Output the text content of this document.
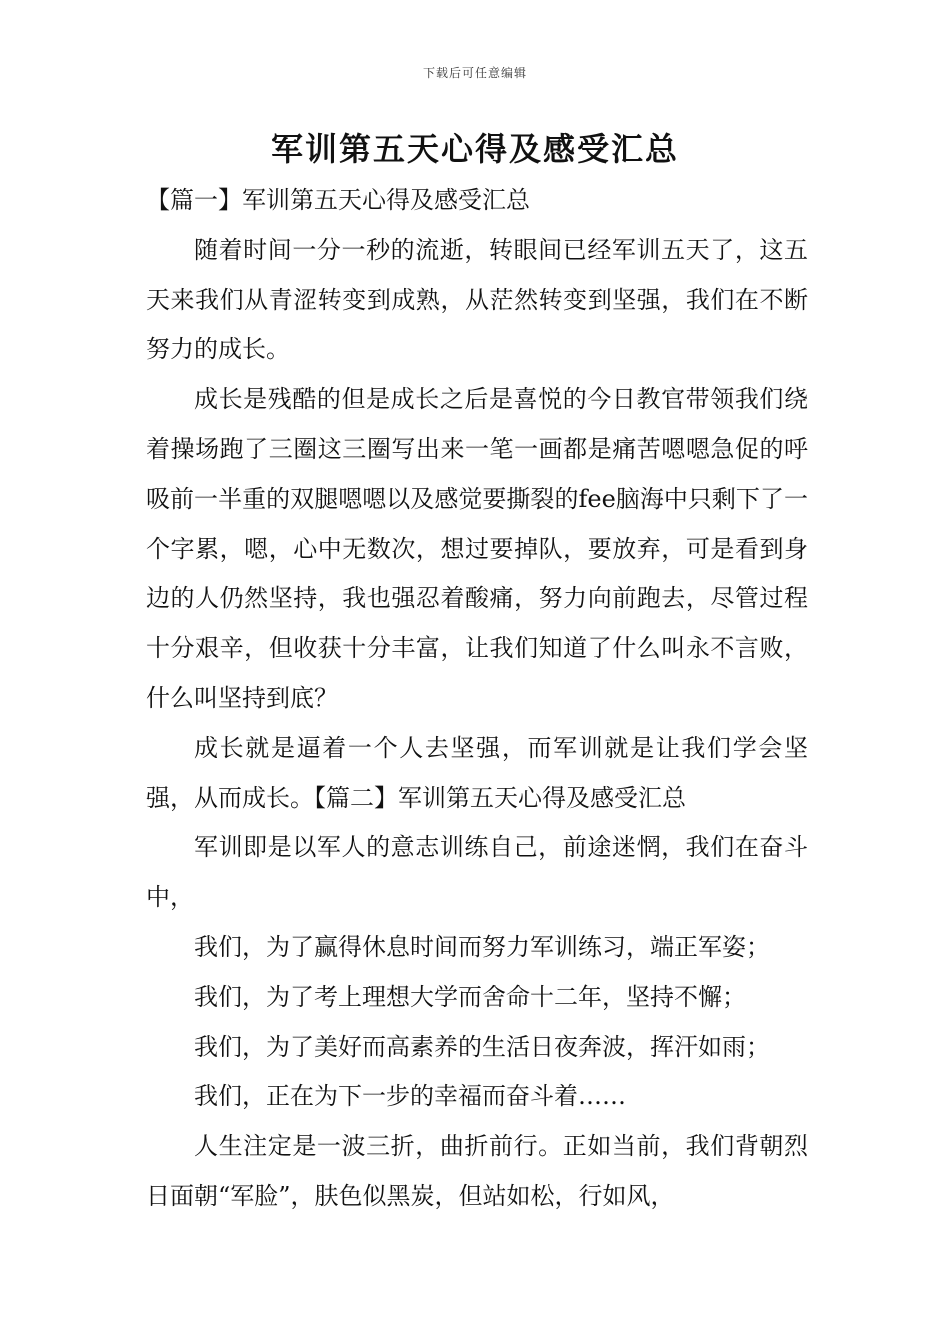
下载后可任意编辑
军训第五天心得及感受汇总

【篇一】军训第五天心得及感受汇总

随着时间一分一秒的流逝，转眼间已经军训五天了，这五天来我们从青涩转变到成熟，从茫然转变到坚强，我们在不断努力的成长。

成长是残酷的但是成长之后是喜悦的今日教官带领我们绕着操场跑了三圈这三圈写出来一笔一画都是痛苦嗯嗯急促的呼吸前一半重的双腿嗯嗯以及感觉要撕裂的fee脑海中只剩下了一个字累，嗯，心中无数次，想过要掉队，要放弃，可是看到身边的人仍然坚持，我也强忍着酸痛，努力向前跑去，尽管过程十分艰辛，但收获十分丰富，让我们知道了什么叫永不言败，什么叫坚持到底？

成长就是逼着一个人去坚强，而军训就是让我们学会坚强，从而成长。【篇二】军训第五天心得及感受汇总

军训即是以军人的意志训练自己，前途迷惘，我们在奋斗中，

我们，为了赢得休息时间而努力军训练习，端正军姿；

我们，为了考上理想大学而舍命十二年，坚持不懈；

我们，为了美好而高素养的生活日夜奔波，挥汗如雨；

我们，正在为下一步的幸福而奋斗着……

人生注定是一波三折，曲折前行。正如当前，我们背朝烈日面朝“军脸”，肤色似黑炭，但站如松，行如风，
